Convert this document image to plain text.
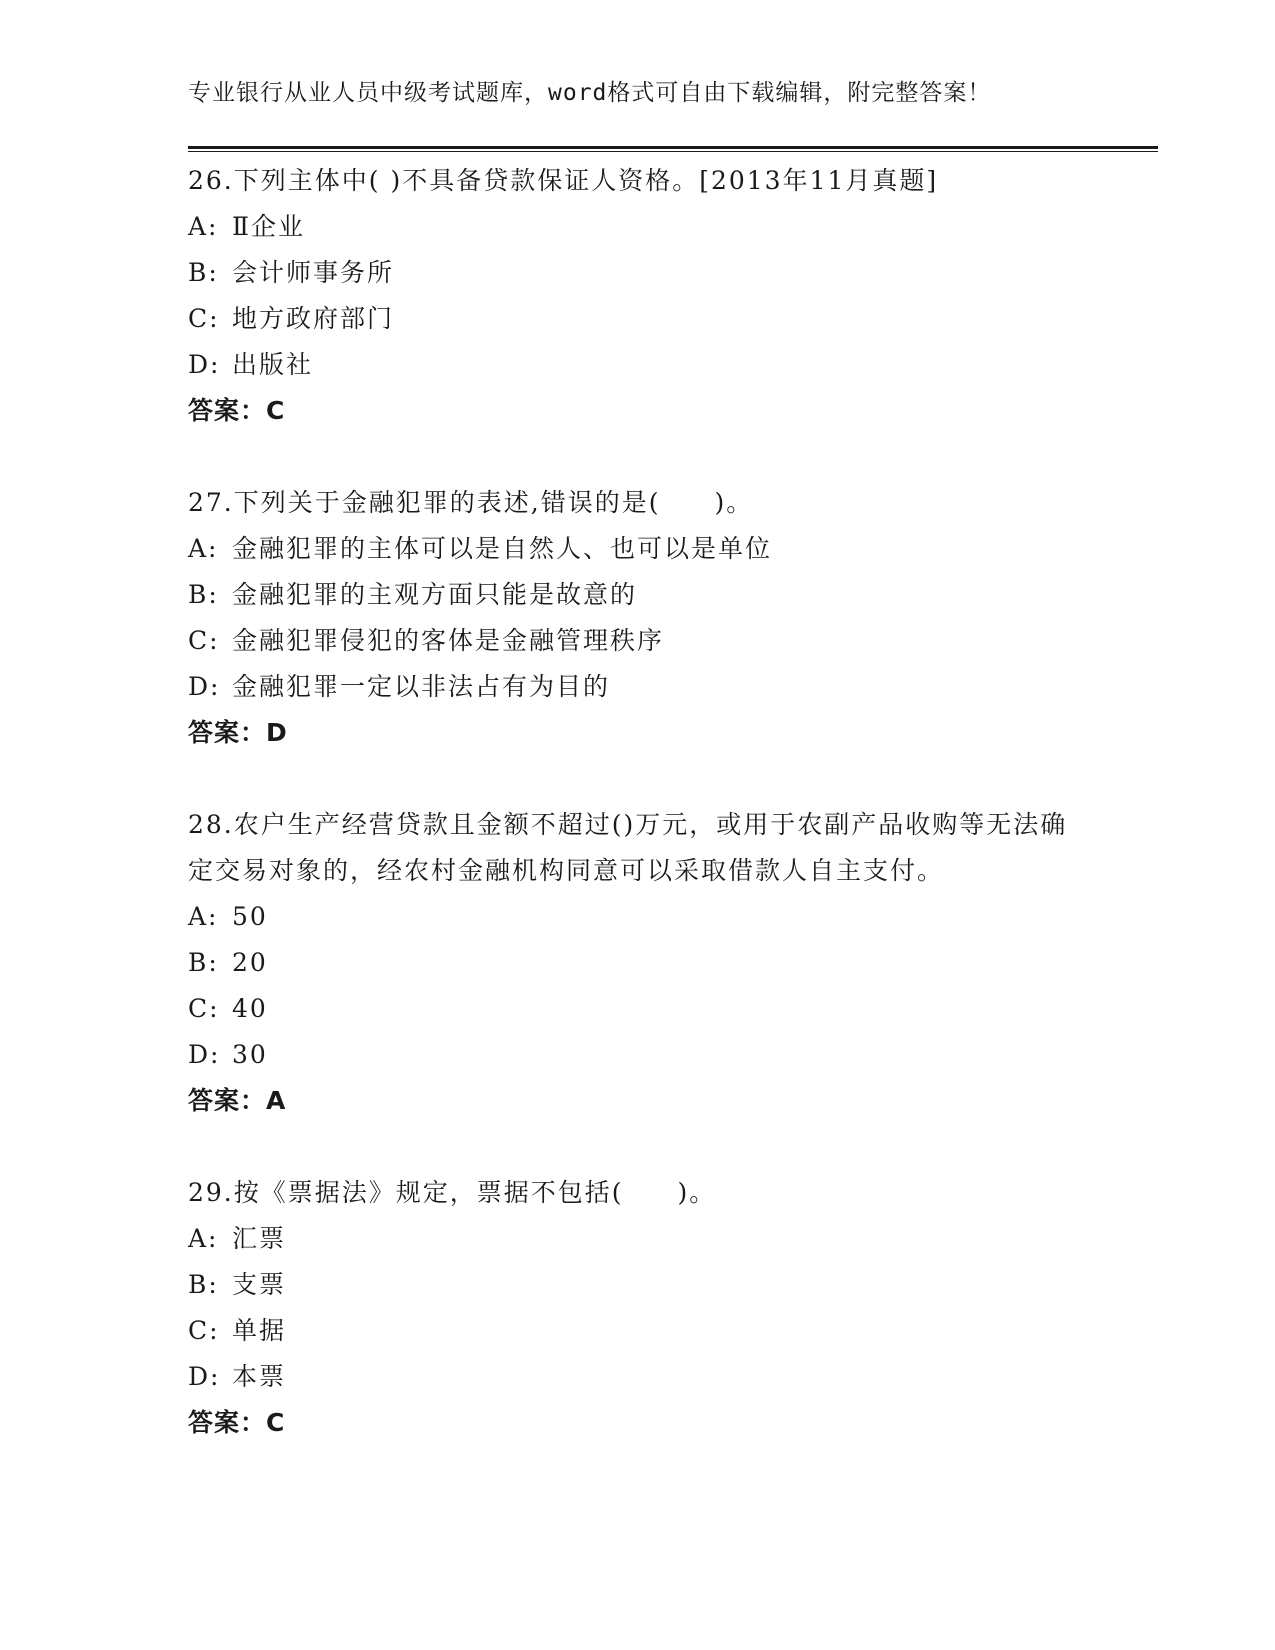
专业银行从业人员中级考试题库，word格式可自由下载编辑，附完整答案！

26.下列主体中( )不具备贷款保证人资格。[2013年11月真题]

A: Ⅱ企业

B: 会计师事务所

C: 地方政府部门

D: 出版社

答案：C

27.下列关于金融犯罪的表述,错误的是(　　)。

A: 金融犯罪的主体可以是自然人、也可以是单位

B: 金融犯罪的主观方面只能是故意的

C: 金融犯罪侵犯的客体是金融管理秩序

D: 金融犯罪一定以非法占有为目的

答案：D

28.农户生产经营贷款且金额不超过()万元，或用于农副产品收购等无法确定交易对象的，经农村金融机构同意可以采取借款人自主支付。

A: 50

B: 20

C: 40

D: 30

答案：A

29.按《票据法》规定，票据不包括(　　)。

A: 汇票

B: 支票

C: 单据

D: 本票

答案：C
